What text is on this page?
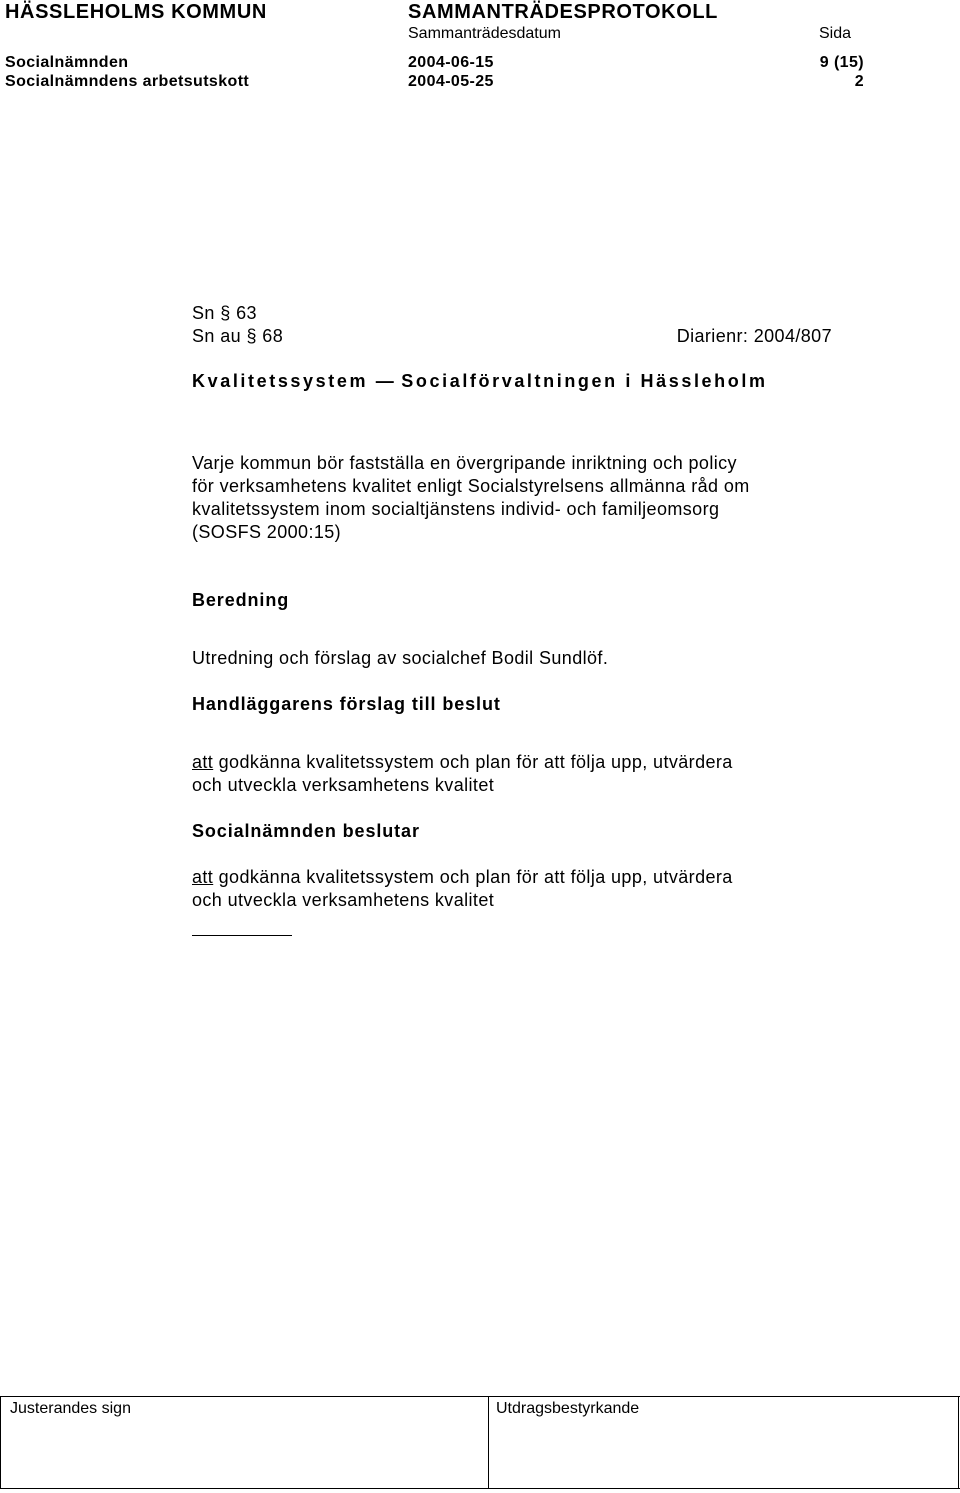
HÄSSLEHOLMS KOMMUN	SAMMANTRÄDESPROTOKOLL
Sammanträdesdatum	Sida
Socialnämnden	2004-06-15	9 (15)
Socialnämndens arbetsutskott	2004-05-25	2
Sn § 63
Sn au § 68	Diarienr: 2004/807
Kvalitetssystem — Socialförvaltningen i Hässleholm

Varje kommun bör fastställa en övergripande inriktning och policy

för verksamhetens kvalitet enligt Socialstyrelsens allmänna råd om

kvalitetssystem inom socialtjänstens individ- och familjeomsorg

(SOSFS 2000:15)

Beredning
Utredning och förslag av socialchef Bodil Sundlöf.
Handläggarens förslag till beslut

att godkänna kvalitetssystem och plan för att följa upp, utvärdera

och utveckla verksamhetens kvalitet

Socialnämnden beslutar

att godkänna kvalitetssystem och plan för att följa upp, utvärdera

och utveckla verksamhetens kvalitet

Justerandes sign	Utdragsbestyrkande
